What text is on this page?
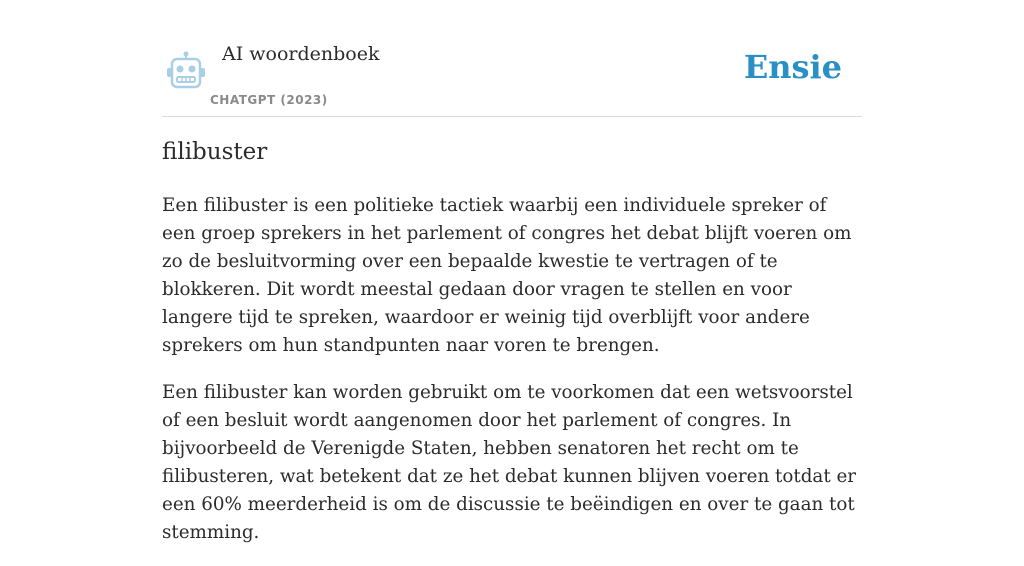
AI woordenboek
CHATGPT (2023)
Ensie
filibuster

Een filibuster is een politieke tactiek waarbij een individuele spreker of een groep sprekers in het parlement of congres het debat blijft voeren om zo de besluitvorming over een bepaalde kwestie te vertragen of te blokkeren. Dit wordt meestal gedaan door vragen te stellen en voor langere tijd te spreken, waardoor er weinig tijd overblijft voor andere sprekers om hun standpunten naar voren te brengen.

Een filibuster kan worden gebruikt om te voorkomen dat een wetsvoorstel of een besluit wordt aangenomen door het parlement of congres. In bijvoorbeeld de Verenigde Staten, hebben senatoren het recht om te filibusteren, wat betekent dat ze het debat kunnen blijven voeren totdat er een 60% meerderheid is om de discussie te beëindigen en over te gaan tot stemming.
